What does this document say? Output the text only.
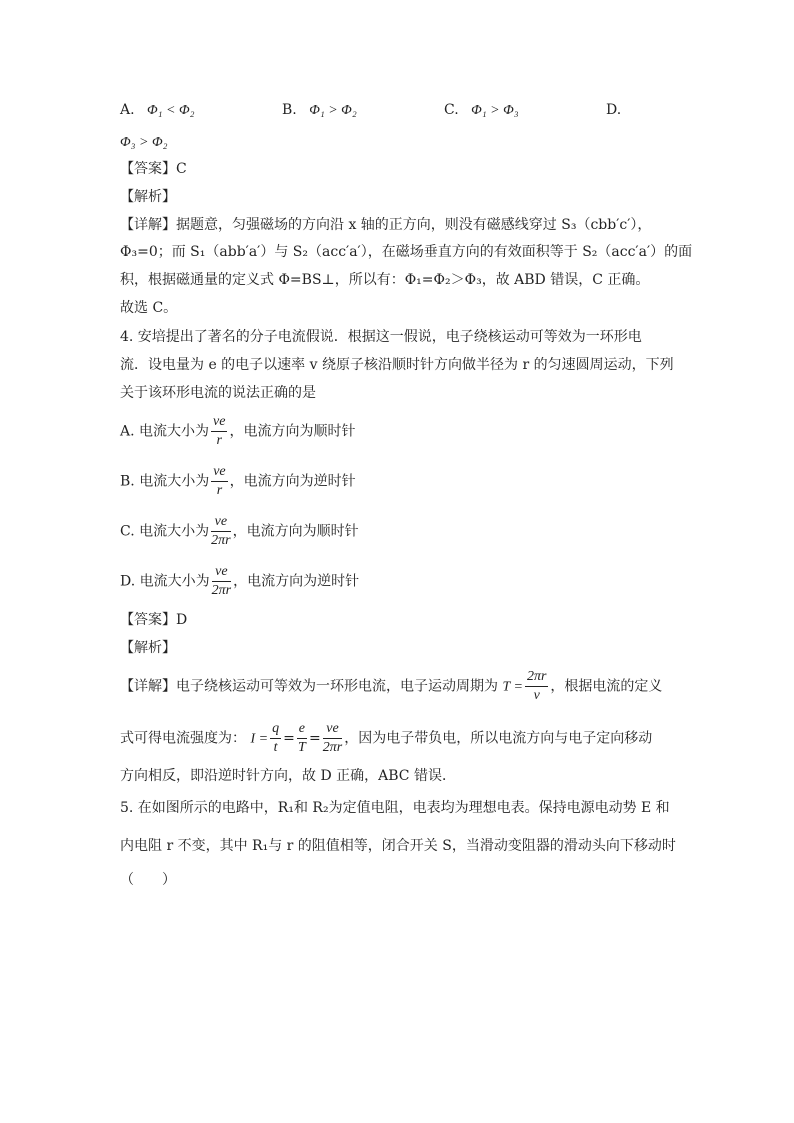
A. Φ₁ < Φ₂	B. Φ₁ > Φ₂	C. Φ₁ > Φ₃	D.
Φ₃ > Φ₂
【答案】C
【解析】
【详解】据题意，匀强磁场的方向沿 x 轴的正方向，则没有磁感线穿过 S₃（cbb′c′），
Φ₃=0；而 S₁（abb′a′）与 S₂（acc′a′），在磁场垂直方向的有效面积等于 S₂（acc′a′）的面
积，根据磁通量的定义式 Φ=BS⊥，所以有：Φ₁=Φ₂＞Φ₃，故 ABD 错误，C 正确。
故选 C。
4. 安培提出了著名的分子电流假说．根据这一假说，电子绕核运动可等效为一环形电
流．设电量为 e 的电子以速率 v 绕原子核沿顺时针方向做半径为 r 的匀速圆周运动，下列
关于该环形电流的说法正确的是
A. 电流大小为 $\frac{ve}{r}$ ，电流方向为顺时针
B. 电流大小为 $\frac{ve}{r}$ ，电流方向为逆时针
C. 电流大小为 $\frac{ve}{2\pi r}$ ，电流方向为顺时针
D. 电流大小为 $\frac{ve}{2\pi r}$ ，电流方向为逆时针
【答案】D
【解析】
【详解】电子绕核运动可等效为一环形电流，电子运动周期为 $T = \frac{2\pi r}{v}$ ，根据电流的定义
式可得电流强度为： $I = \frac{q}{t} = \frac{e}{T} = \frac{ve}{2\pi r}$ ，因为电子带负电，所以电流方向与电子定向移动
方向相反，即沿逆时针方向，故 D 正确，ABC 错误．
5. 在如图所示的电路中，R₁和 R₂为定值电阻，电表均为理想电表。保持电源电动势 E 和
内电阻 r 不变，其中 R₁与 r 的阻值相等，闭合开关 S，当滑动变阻器的滑动头向下移动时
（　　）
